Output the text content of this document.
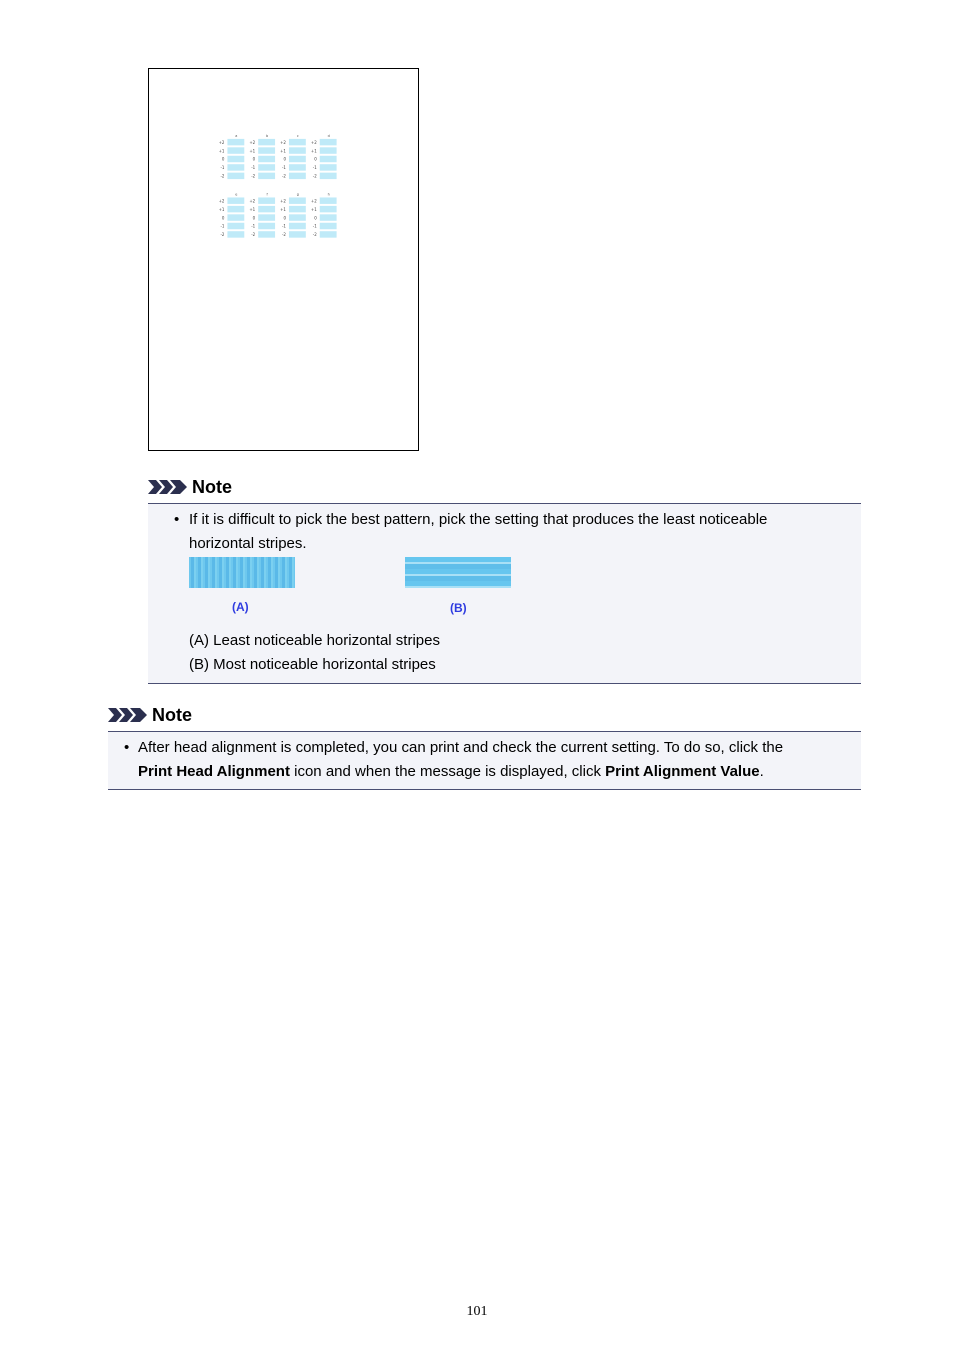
a
+2
+1
0
-1
-2
b
+2
+1
0
-1
-2
c
+2
+1
0
-1
-2
d
+2
+1
0
-1
-2
e
+2
+1
0
-1
-2
f
+2
+1
0
-1
-2
g
+2
+1
0
-1
-2
h
+2
+1
0
-1
-2
Note
• If it is difficult to pick the best pattern, pick the setting that produces the least noticeable
horizontal stripes.
(A)	(B)
(A) Least noticeable horizontal stripes
(B) Most noticeable horizontal stripes
Note
• After head alignment is completed, you can print and check the current setting. To do so, click the
Print Head Alignment icon and when the message is displayed, click Print Alignment Value.
101
